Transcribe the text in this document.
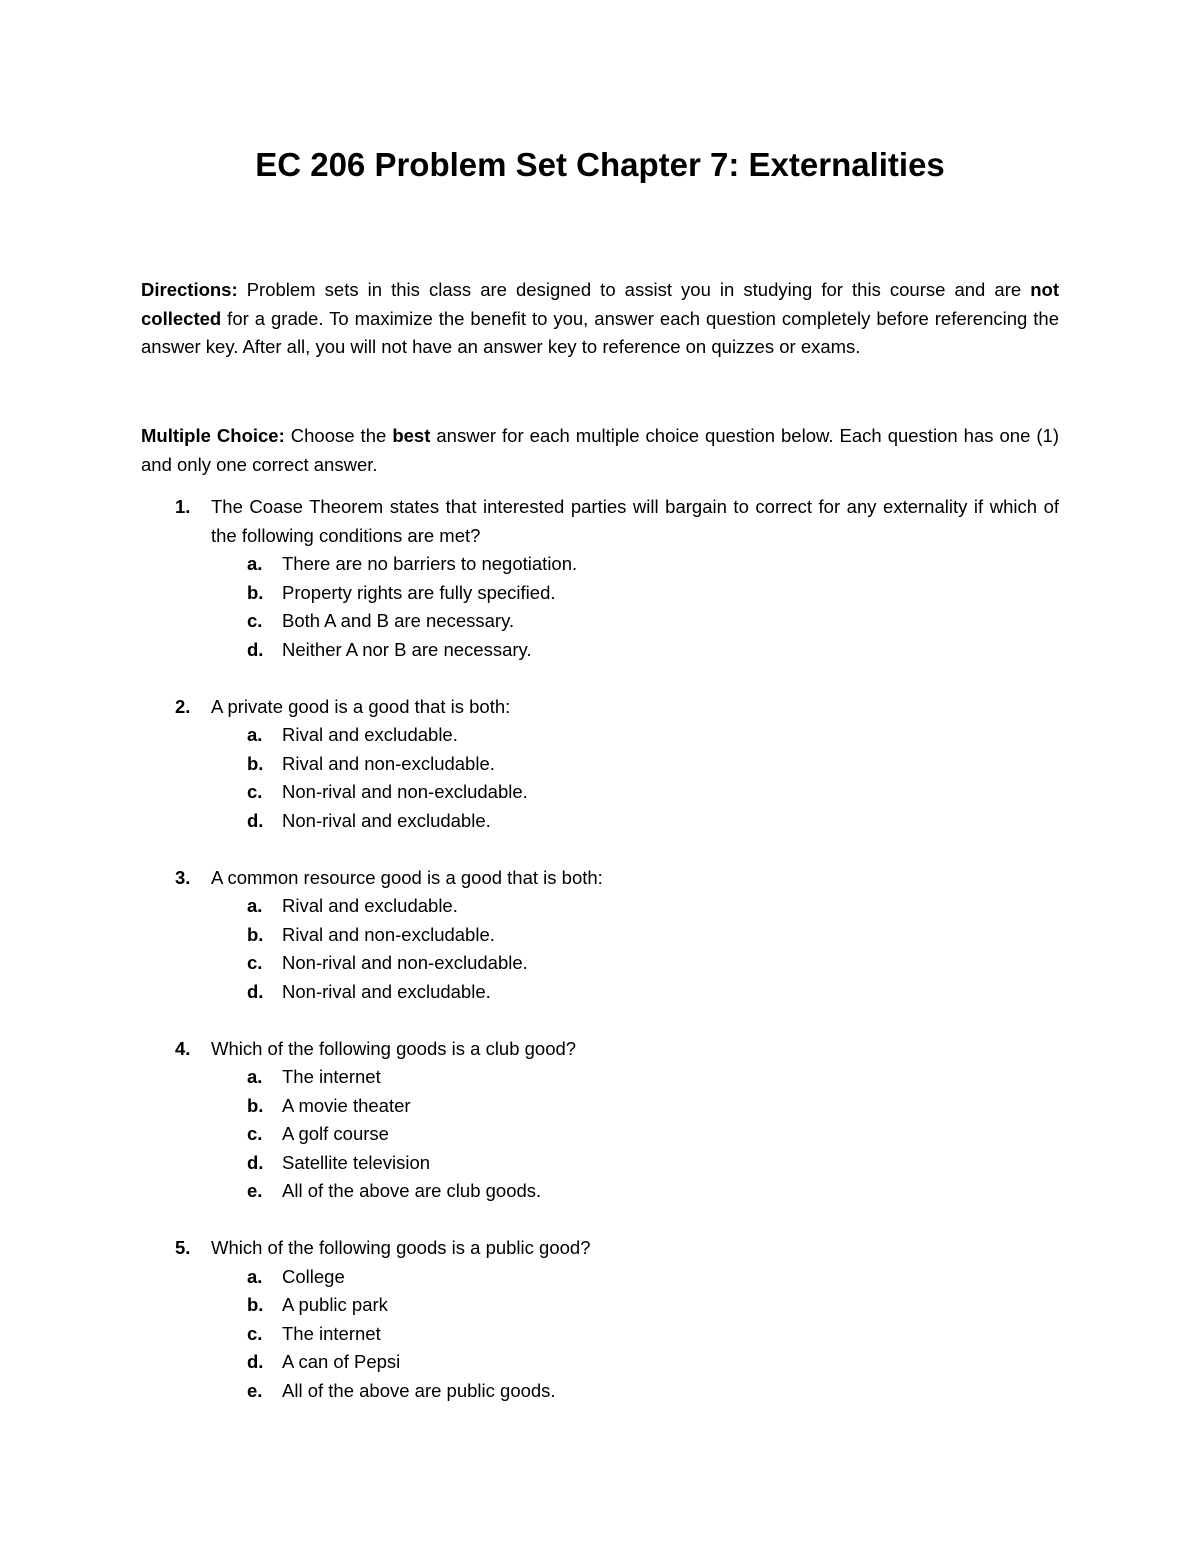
EC 206 Problem Set Chapter 7: Externalities

Directions: Problem sets in this class are designed to assist you in studying for this course and are not collected for a grade. To maximize the benefit to you, answer each question completely before referencing the answer key. After all, you will not have an answer key to reference on quizzes or exams.

Multiple Choice: Choose the best answer for each multiple choice question below. Each question has one (1) and only one correct answer.

1. The Coase Theorem states that interested parties will bargain to correct for any externality if which of the following conditions are met?
a. There are no barriers to negotiation.
b. Property rights are fully specified.
c. Both A and B are necessary.
d. Neither A nor B are necessary.
2. A private good is a good that is both:
a. Rival and excludable.
b. Rival and non-excludable.
c. Non-rival and non-excludable.
d. Non-rival and excludable.
3. A common resource good is a good that is both:
a. Rival and excludable.
b. Rival and non-excludable.
c. Non-rival and non-excludable.
d. Non-rival and excludable.
4. Which of the following goods is a club good?
a. The internet
b. A movie theater
c. A golf course
d. Satellite television
e. All of the above are club goods.
5. Which of the following goods is a public good?
a. College
b. A public park
c. The internet
d. A can of Pepsi
e. All of the above are public goods.
